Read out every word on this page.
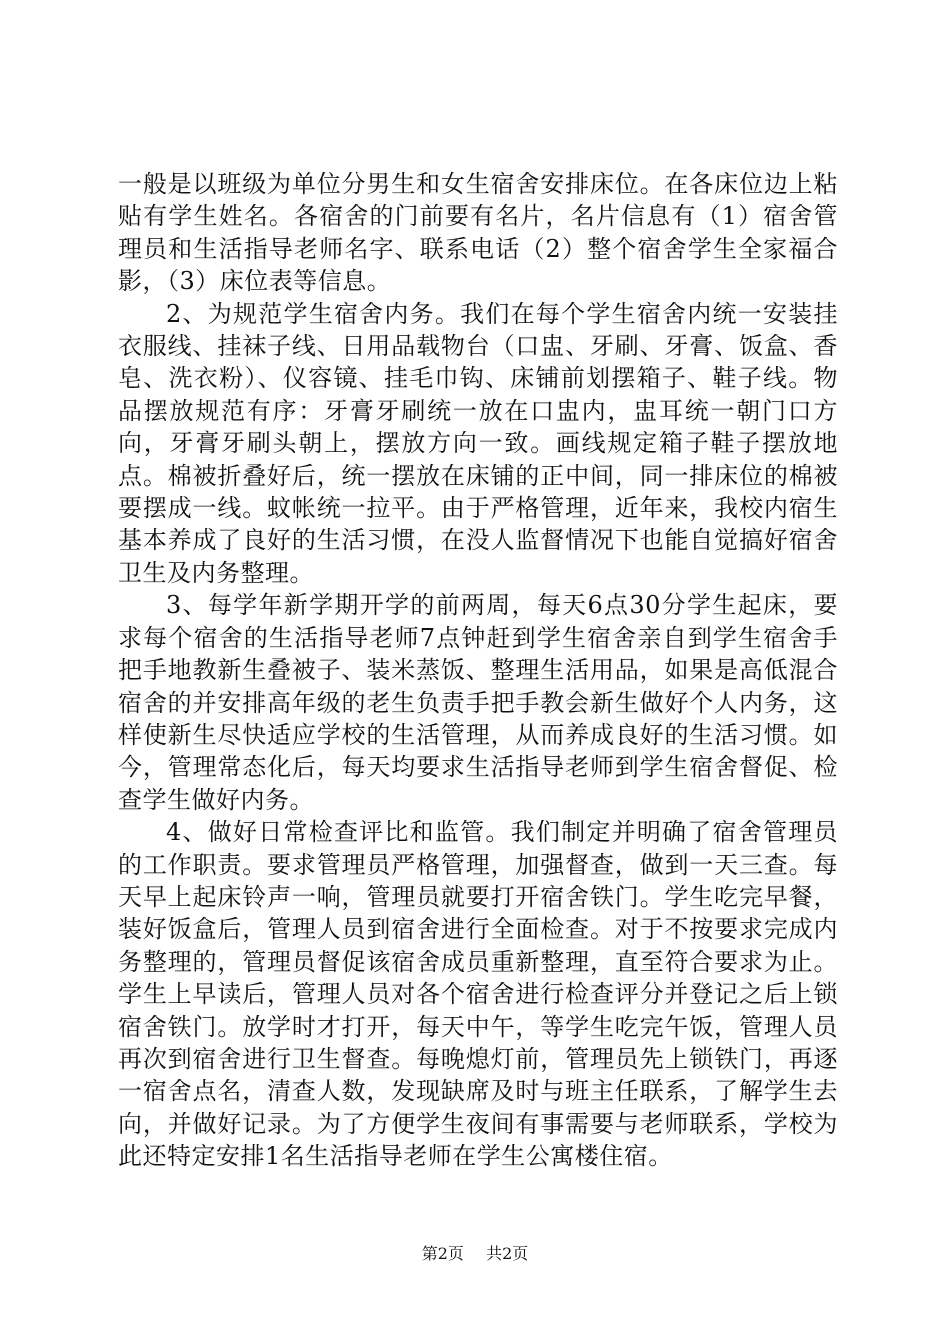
一般是以班级为单位分男生和女生宿舍安排床位。在各床位边上粘贴有学生姓名。各宿舍的门前要有名片，名片信息有（1）宿舍管理员和生活指导老师名字、联系电话（2）整个宿舍学生全家福合影，（3）床位表等信息。

2、为规范学生宿舍内务。我们在每个学生宿舍内统一安装挂衣服线、挂袜子线、日用品载物台（口盅、牙刷、牙膏、饭盒、香皂、洗衣粉）、仪容镜、挂毛巾钩、床铺前划摆箱子、鞋子线。物品摆放规范有序：牙膏牙刷统一放在口盅内，盅耳统一朝门口方向，牙膏牙刷头朝上，摆放方向一致。画线规定箱子鞋子摆放地点。棉被折叠好后，统一摆放在床铺的正中间，同一排床位的棉被要摆成一线。蚊帐统一拉平。由于严格管理，近年来，我校内宿生基本养成了良好的生活习惯，在没人监督情况下也能自觉搞好宿舍卫生及内务整理。

3、每学年新学期开学的前两周，每天6点30分学生起床，要求每个宿舍的生活指导老师7点钟赶到学生宿舍亲自到学生宿舍手把手地教新生叠被子、装米蒸饭、整理生活用品，如果是高低混合宿舍的并安排高年级的老生负责手把手教会新生做好个人内务，这样使新生尽快适应学校的生活管理，从而养成良好的生活习惯。如今，管理常态化后，每天均要求生活指导老师到学生宿舍督促、检查学生做好内务。

4、做好日常检查评比和监管。我们制定并明确了宿舍管理员的工作职责。要求管理员严格管理，加强督查，做到一天三查。每天早上起床铃声一响，管理员就要打开宿舍铁门。学生吃完早餐，装好饭盒后，管理人员到宿舍进行全面检查。对于不按要求完成内务整理的，管理员督促该宿舍成员重新整理，直至符合要求为止。学生上早读后，管理人员对各个宿舍进行检查评分并登记之后上锁宿舍铁门。放学时才打开，每天中午，等学生吃完午饭，管理人员再次到宿舍进行卫生督查。每晚熄灯前，管理员先上锁铁门，再逐一宿舍点名，清查人数，发现缺席及时与班主任联系，了解学生去向，并做好记录。为了方便学生夜间有事需要与老师联系，学校为此还特定安排1名生活指导老师在学生公寓楼住宿。

第2页 共2页
